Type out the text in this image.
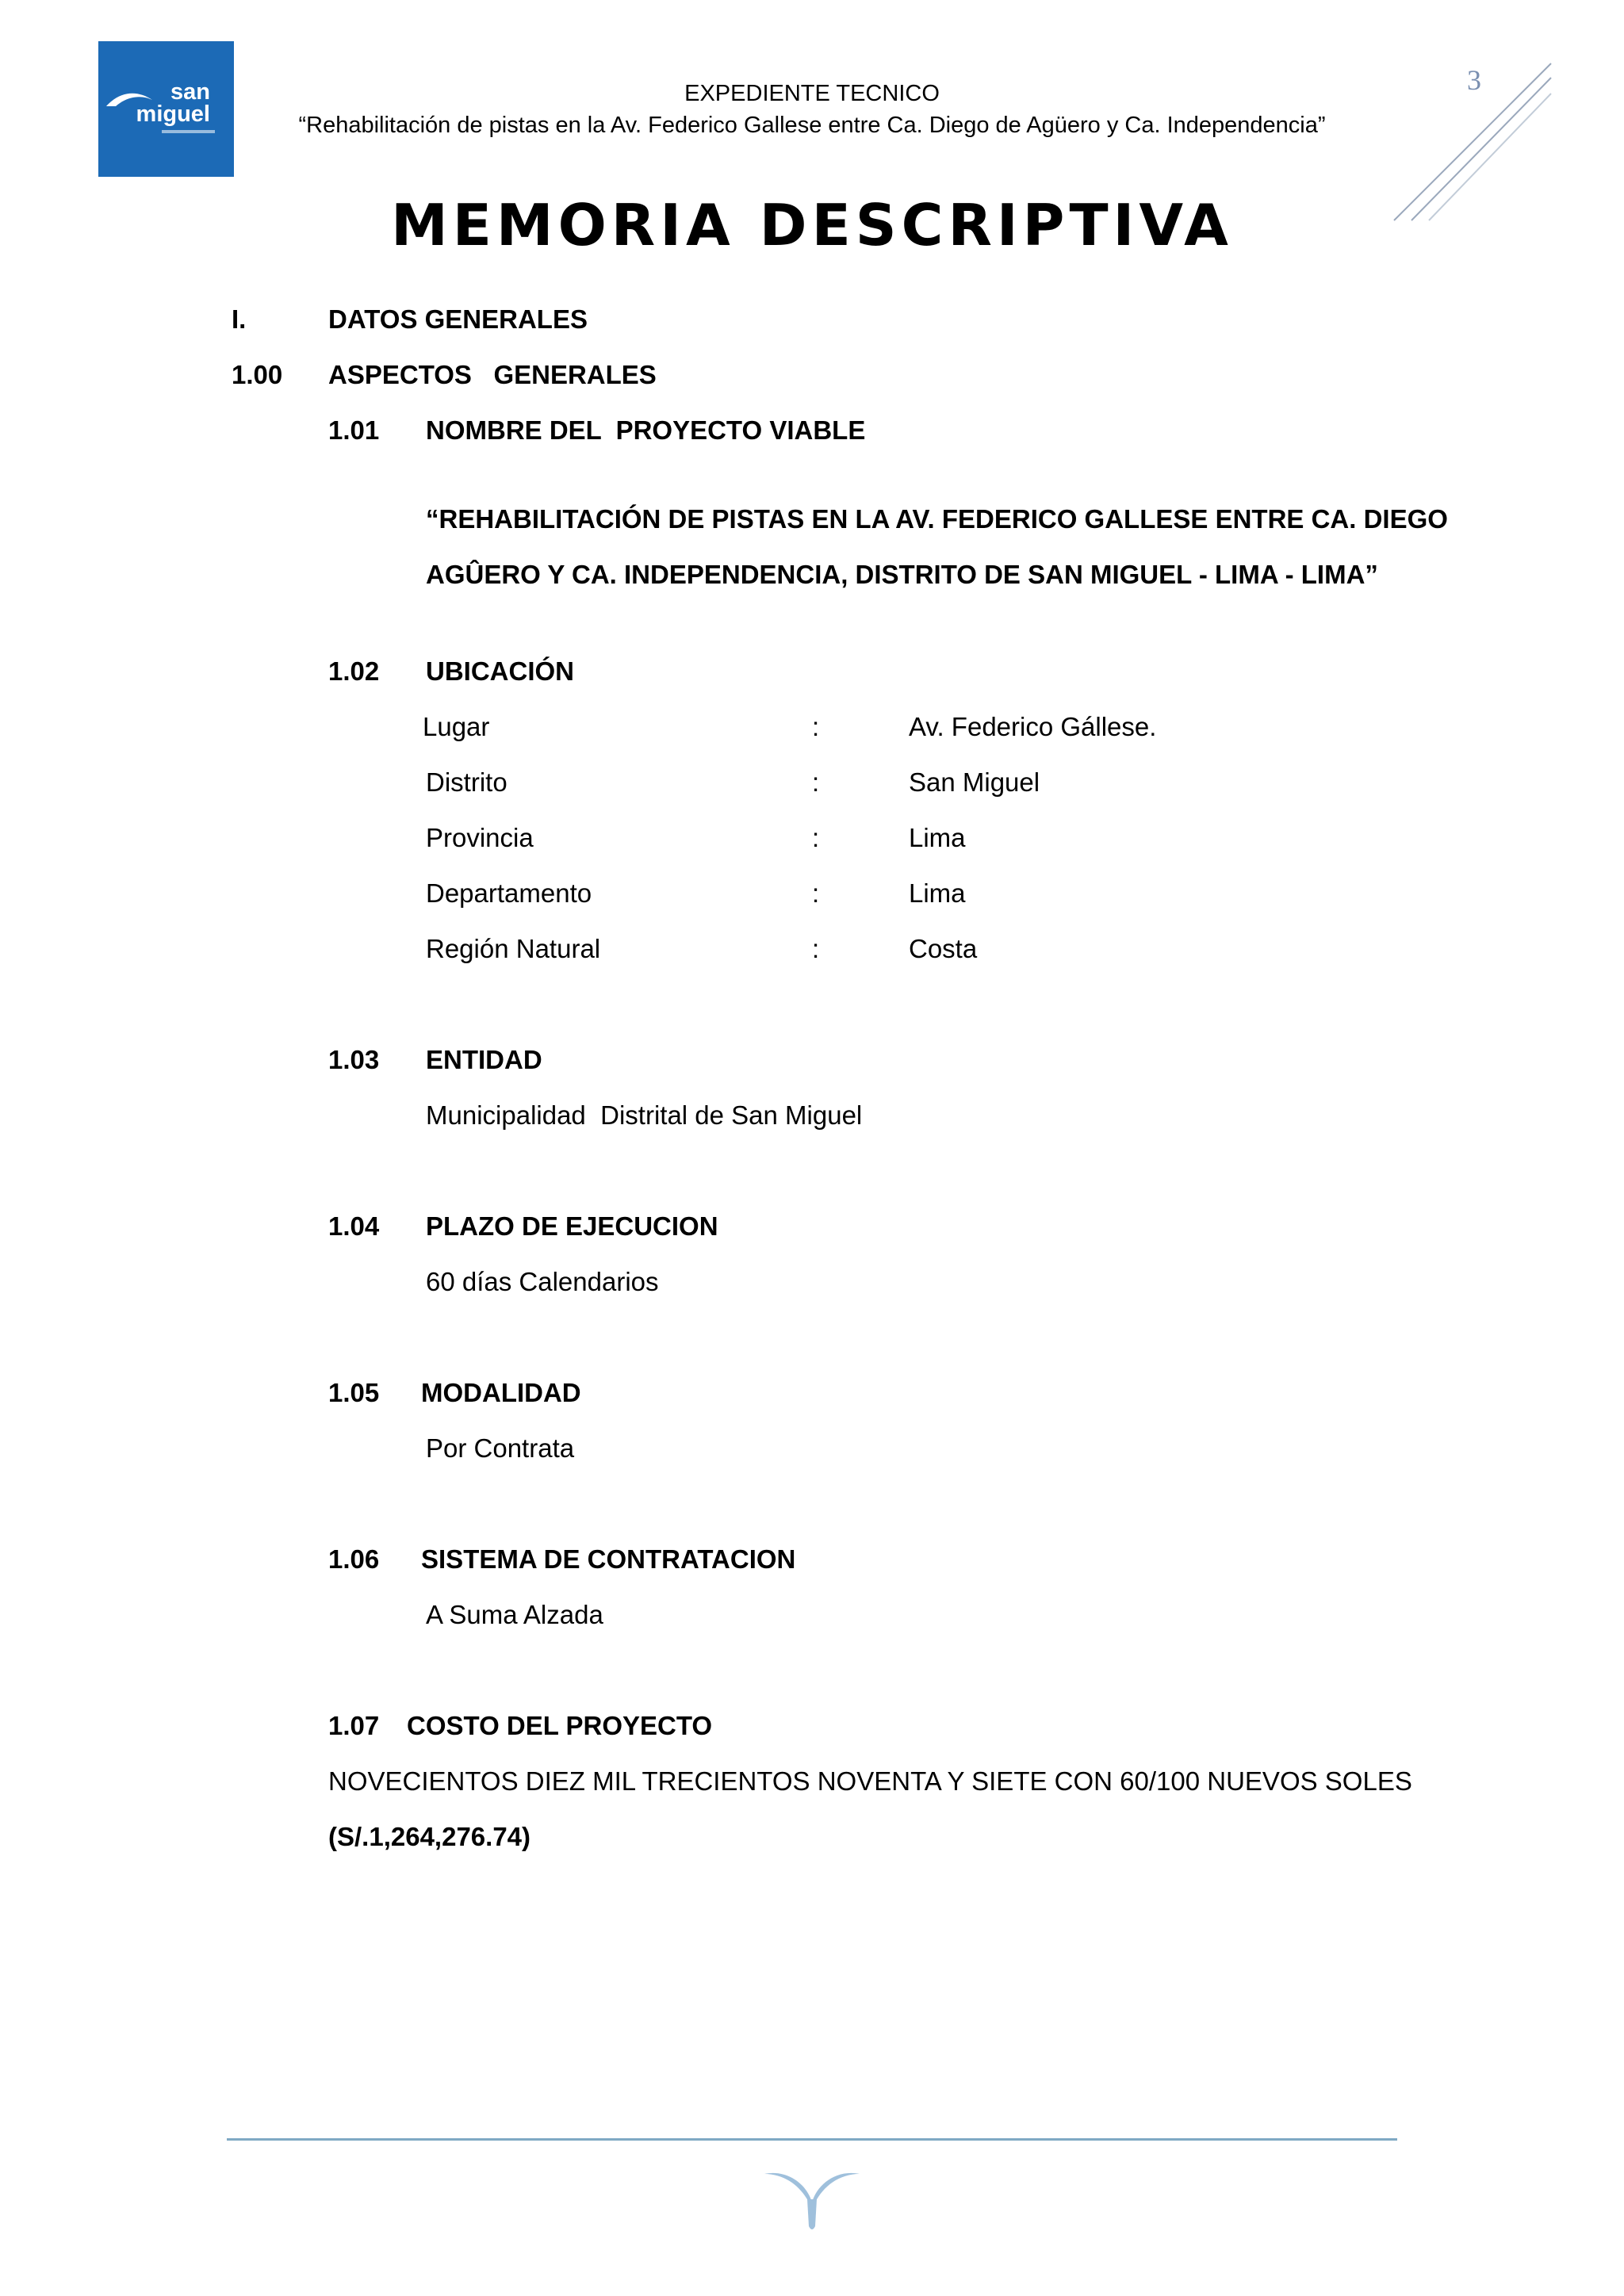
san
miguel
EXPEDIENTE TECNICO
“Rehabilitación de pistas en la Av. Federico Gallese entre Ca. Diego de Agüero y Ca. Independencia”
3
MEMORIA DESCRIPTIVA
I.	DATOS GENERALES
1.00 ASPECTOS   GENERALES
1.01 NOMBRE DEL  PROYECTO VIABLE
“REHABILITACIÓN DE PISTAS EN LA AV. FEDERICO GALLESE ENTRE CA. DIEGO
AGÛERO Y CA. INDEPENDENCIA, DISTRITO DE SAN MIGUEL - LIMA - LIMA”
1.02 UBICACIÓN
Lugar	:	Av. Federico Gállese.
Distrito	:	San Miguel
Provincia	:	Lima
Departamento	:	Lima
Región Natural	:	Costa
1.03 ENTIDAD
Municipalidad  Distrital de San Miguel
1.04 PLAZO DE EJECUCION
60 días Calendarios
1.05 MODALIDAD
Por Contrata
1.06 SISTEMA DE CONTRATACION
A Suma Alzada
1.07 COSTO DEL PROYECTO
NOVECIENTOS DIEZ MIL TRECIENTOS NOVENTA Y SIETE CON 60/100 NUEVOS SOLES
(S/.1,264,276.74)
